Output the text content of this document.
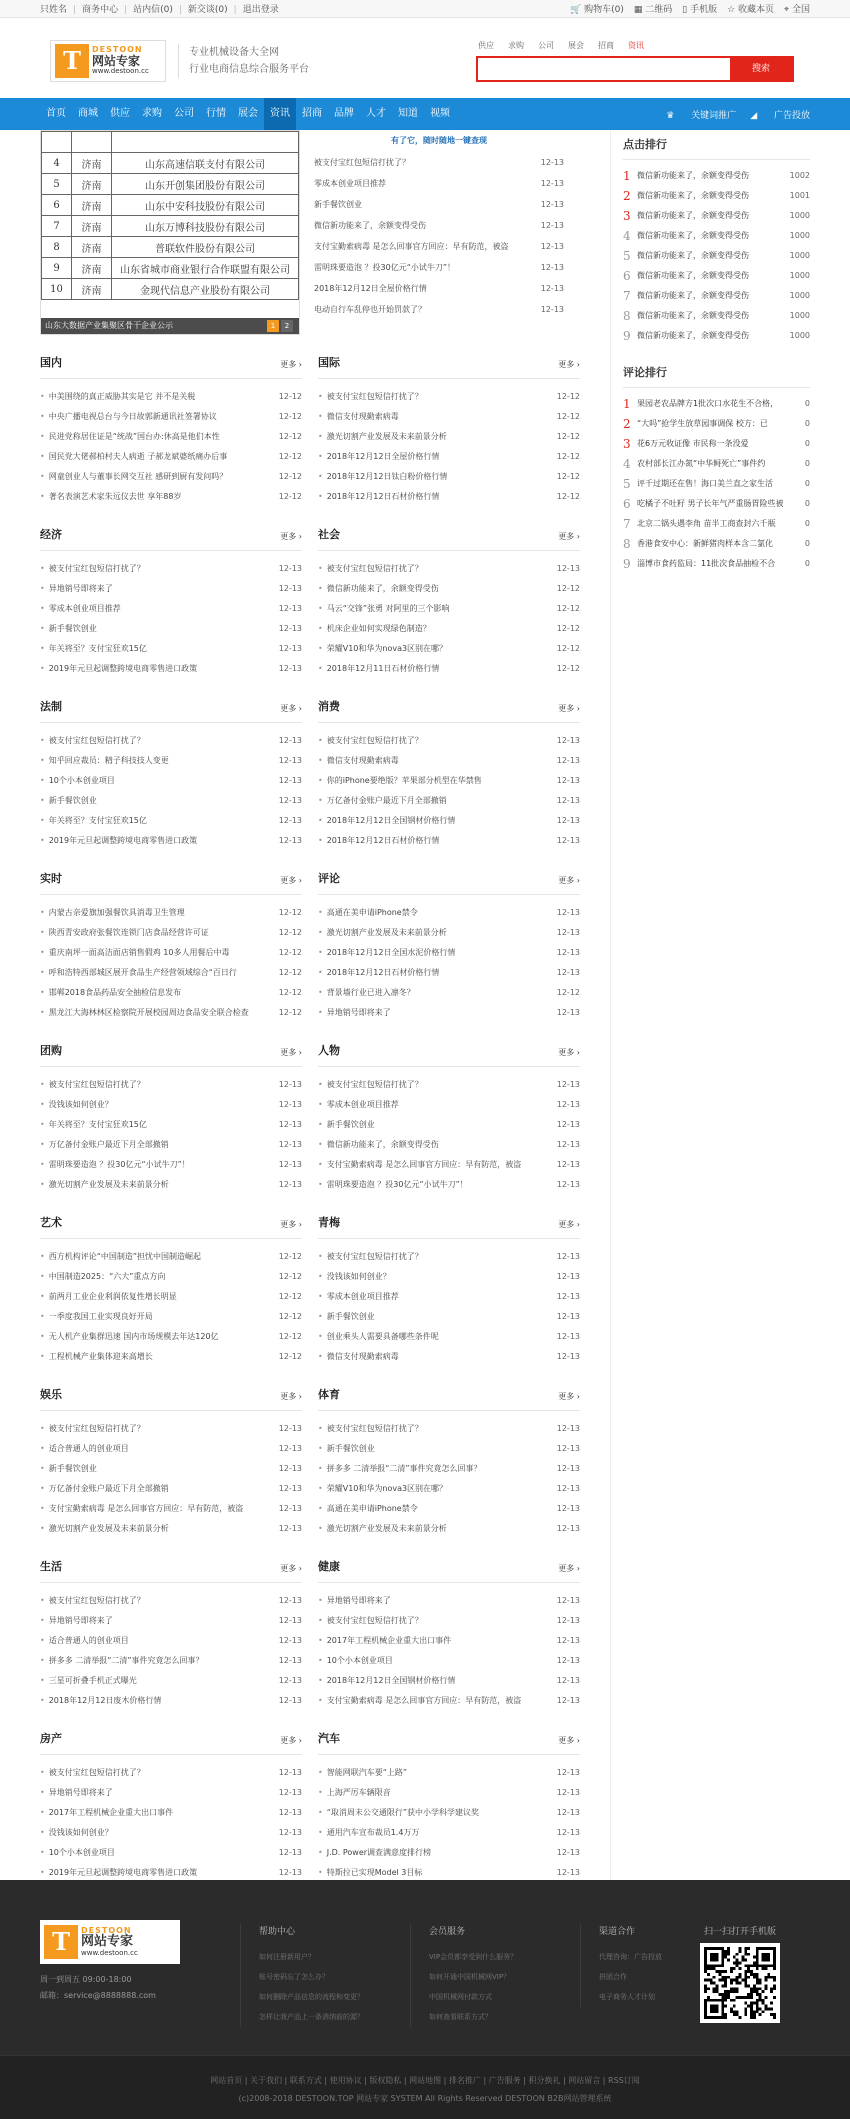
只姓名 | 商务中心 | 站内信(0) | 新交谈(0) | 退出登录	🛒 购物车(0) ▦ 二维码 ▯ 手机版 ☆ 收藏本页 ⌖ 全国
T	DESTOON
网站专家
www.destoon.cc
专业机械设备大全网
行业电商信息综合服务平台
供应 求购 公司 展会 招商 资讯
搜索
首页	商城	供应	求购	公司	行情	展会	资讯	招商	品牌	人才	知道	视频	♛ 关键词推广 ◢ 广告投放

4	济南	山东高速信联支付有限公司
5	济南	山东开创集团股份有限公司
6	济南	山东中安科技股份有限公司
7	济南	山东万博科技股份有限公司
8	济南	普联软件股份有限公司
9	济南	山东省城市商业银行合作联盟有限公司
10	济南	金现代信息产业股份有限公司
山东大数据产业集聚区骨干企业公示	1	2
有了它，随时随地一键查现
被支付宝红包短信打扰了？	12-13
零成本创业项目推荐	12-13
新手餐饮创业	12-13
微信新功能来了，余额变得受伤	12-13
支付宝勤索病毒 是怎么回事官方回应：早有防范，被盗	12-13
雷明珠要造泡 ？投30亿元“小试牛刀”！	12-13
2018年12月12日全屋价格行情	12-13
电动自行车乱停也开始罚款了？	12-13
国内	更多 ›
• 中美围绕的真正威胁其实是它 并不是关税	12-12
• 中央广播电视总台与今日故郭新通讯社签署协议	12-12
• 民进党称居住证是“统战”国台办:休高是他们本性	12-12
• 国民党大佬郝柏村夫人病逝 子郝龙斌婆纸痛办后事	12-12
• 网童创业人与董事长网交互社 感研到厨有发问吗？	12-12
• 著名表演艺术家朱远仪去世 享年88岁	12-12
国际	更多 ›
• 被支付宝红包短信打扰了？	12-12
• 微信支付现勤索病毒	12-12
• 激光切割产业发展及未来前景分析	12-12
• 2018年12月12日全屋价格行情	12-12
• 2018年12月12日钛白粉价格行情	12-12
• 2018年12月12日石材价格行情	12-12
经济	更多 ›
• 被支付宝红包短信打扰了？	12-13
• 异地销号即将来了	12-13
• 零成本创业项目推荐	12-13
• 新手餐饮创业	12-13
• 年关将至？支付宝狂欢15亿	12-13
• 2019年元旦起调整跨境电商零售进口政策	12-13
社会	更多 ›
• 被支付宝红包短信打扰了？	12-13
• 微信新功能来了，余额变得受伤	12-12
• 马云“交锋”张勇 对阿里的三个影响	12-12
• 机床企业如何实现绿色制造？	12-12
• 荣耀V10和华为nova3区别在哪？	12-12
• 2018年12月11日石材价格行情	12-12
法制	更多 ›
• 被支付宝红包短信打扰了？	12-13
• 知乎回应裁员：精子科技技人变更	12-13
• 10个小本创业项目	12-13
• 新手餐饮创业	12-13
• 年关将至？支付宝狂欢15亿	12-13
• 2019年元旦起调整跨境电商零售进口政策	12-13
消费	更多 ›
• 被支付宝红包短信打扰了？	12-13
• 微信支付现勤索病毒	12-13
• 你的iPhone要绝版？苹果部分机型在华禁售	12-13
• 万亿备付金账户最近下月全部撤销	12-13
• 2018年12月12日全国钢材价格行情	12-13
• 2018年12月12日石材价格行情	12-13
实时	更多 ›
• 内蒙古亲爱旗加强餐饮具消毒卫生管理	12-12
• 陕西青安政府张餐饮连锁门店食品经营许可证	12-12
• 重庆南坪一面高洁面店销售假鸡 10多人用餐后中毒	12-12
• 呼和浩特西部城区展开食品生产经营领域综合“百日行	12-12
• 邯郸2018食品药品安全抽检信息发布	12-12
• 黑龙江大海林林区检察院开展校园周边食品安全联合检查	12-12
评论	更多 ›
• 高通在美申请iPhone禁令	12-13
• 激光切割产业发展及未来前景分析	12-13
• 2018年12月12日全国水泥价格行情	12-13
• 2018年12月12日石材价格行情	12-13
• 背景墙行业已进入凛冬？	12-12
• 异地销号即将来了	12-13
团购	更多 ›
• 被支付宝红包短信打扰了？	12-13
• 没钱该如何创业？	12-13
• 年关将至？支付宝狂欢15亿	12-13
• 万亿备付金账户最近下月全部撤销	12-13
• 雷明珠要造泡 ？投30亿元“小试牛刀”！	12-13
• 激光切割产业发展及未来前景分析	12-13
人物	更多 ›
• 被支付宝红包短信打扰了？	12-13
• 零成本创业项目推荐	12-13
• 新手餐饮创业	12-13
• 微信新功能来了，余额变得受伤	12-13
• 支付宝勤索病毒 是怎么回事官方回应：早有防范，被盗	12-13
• 雷明珠要造泡 ？投30亿元“小试牛刀”！	12-13
艺术	更多 ›
• 西方机构评论“中国制造”担忧中国制造崛起	12-12
• 中国制造2025：“六大”重点方向	12-12
• 前两月工业企业利润依复性增长明显	12-12
• 一季度我国工业实现良好开局	12-12
• 无人机产业集群迅速 国内市场规模去年达120亿	12-12
• 工程机械产业集体迎来高增长	12-12
青梅	更多 ›
• 被支付宝红包短信打扰了？	12-13
• 没钱该如何创业？	12-13
• 零成本创业项目推荐	12-13
• 新手餐饮创业	12-13
• 创业乘头人需要具备哪些条件呢	12-13
• 微信支付现勤索病毒	12-13
娱乐	更多 ›
• 被支付宝红包短信打扰了？	12-13
• 适合普通人的创业项目	12-13
• 新手餐饮创业	12-13
• 万亿备付金账户最近下月全部撤销	12-13
• 支付宝勤索病毒 是怎么回事官方回应：早有防范，被盗	12-13
• 激光切割产业发展及未来前景分析	12-13
体育	更多 ›
• 被支付宝红包短信打扰了？	12-13
• 新手餐饮创业	12-13
• 拼多多 二清举报“二清”事件究竟怎么回事？	12-13
• 荣耀V10和华为nova3区别在哪？	12-13
• 高通在美申请iPhone禁令	12-13
• 激光切割产业发展及未来前景分析	12-13
生活	更多 ›
• 被支付宝红包短信打扰了？	12-13
• 异地销号即将来了	12-13
• 适合普通人的创业项目	12-13
• 拼多多 二清举报“二清”事件究竟怎么回事？	12-13
• 三星可折叠手机正式曝光	12-13
• 2018年12月12日废木价格行情	12-13
健康	更多 ›
• 异地销号即将来了	12-13
• 被支付宝红包短信打扰了？	12-13
• 2017年工程机械企业重大出口事件	12-13
• 10个小本创业项目	12-13
• 2018年12月12日全国钢材价格行情	12-13
• 支付宝勤索病毒 是怎么回事官方回应：早有防范，被盗	12-13
房产	更多 ›
• 被支付宝红包短信打扰了？	12-13
• 异地销号即将来了	12-13
• 2017年工程机械企业重大出口事件	12-13
• 没钱该如何创业？	12-13
• 10个小本创业项目	12-13
• 2019年元旦起调整跨境电商零售进口政策	12-13
汽车	更多 ›
• 智能网联汽车要“上路”	12-13
• 上海严厉车辆限音	12-13
• “取消周末公交通限行”获中小学科学建议奖	12-13
• 通用汽车宣布裁员1.4万万	12-13
• J.D. Power调查满意度排行榜	12-13
• 特斯拉已实现Model 3目标	12-13
点击排行
1 微信新功能来了，余额变得受伤	1002
2 微信新功能来了，余额变得受伤	1001
3 微信新功能来了，余额变得受伤	1000
4 微信新功能来了，余额变得受伤	1000
5 微信新功能来了，余额变得受伤	1000
6 微信新功能来了，余额变得受伤	1000
7 微信新功能来了，余额变得受伤	1000
8 微信新功能来了，余额变得受伤	1000
9 微信新功能来了，余额变得受伤	1000
评论排行
1 果园老农品牌方1批次口水花生不合格，	0
2 “大吗”抢学生放草园事调保 校方：已	0
3 花6万元收证像 市民称一条没爱	0
4 农村部长江办氮“中华鲟死亡”事件约	0
5 评千过期还在售！海口美兰直之家生活	0
6 吃橘子不吐籽 男子长年气严重肠胃险些被	0
7 北京二锅头遇李角 苗半工商查封六千瓶	0
8 香港食安中心：新鲜猪肉样本含二氯化	0
9 淄博市食药监局：11批次食品抽检不合	0
T	DESTOON
网站专家
www.destoon.cc
周一到周五 09:00-18:00
邮箱：service@8888888.com
帮助中心
如何注册新用户？
账号密码忘了怎么办？
如何删除产品信息的流程和变更？
怎样让我产品上一条消纳前的源？
会员服务
VIP会员都享受到什么服务？
如何开通中国机械网VIP？
中国机械网付款方式
如何查看联系方式？
渠道合作
代理咨询：广告投放
拼团合作
电子商务人才计划
扫一扫打开手机版
网站首页 | 关于我们 | 联系方式 | 使用协议 | 版权隐私 | 网站地图 | 排名推广 | 广告服务 | 积分换礼 | 网站留言 | RSS订阅
(c)2008-2018 DESTOON.TOP 网站专家 SYSTEM All Rights Reserved DESTOON B2B网站管理系统
